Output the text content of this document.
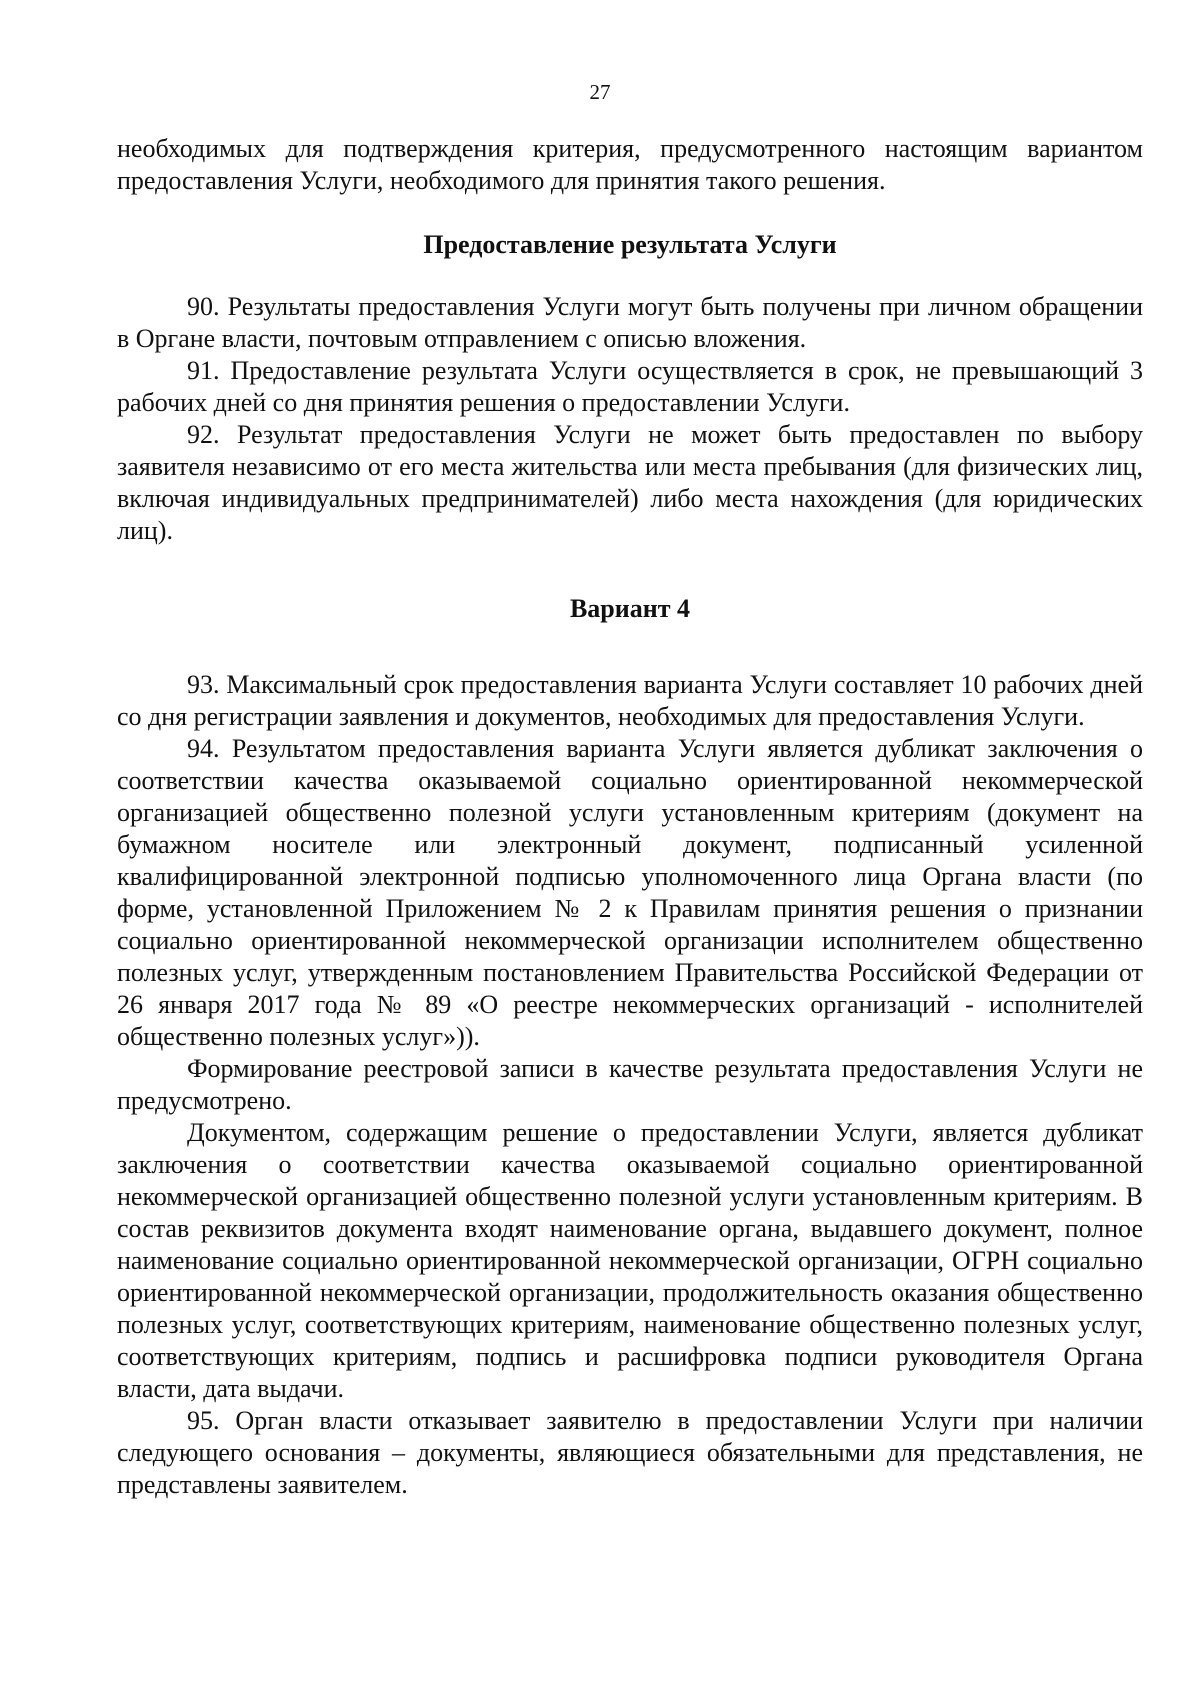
27

необходимых для подтверждения критерия, предусмотренного настоящим вариантом предоставления Услуги, необходимого для принятия такого решения.

Предоставление результата Услуги

90. Результаты предоставления Услуги могут быть получены при личном обращении в Органе власти, почтовым отправлением с описью вложения.

91. Предоставление результата Услуги осуществляется в срок, не превышающий 3 рабочих дней со дня принятия решения о предоставлении Услуги.

92. Результат предоставления Услуги не может быть предоставлен по выбору заявителя независимо от его места жительства или места пребывания (для физических лиц, включая индивидуальных предпринимателей) либо места нахождения (для юридических лиц).

Вариант 4

93. Максимальный срок предоставления варианта Услуги составляет 10 рабочих дней со дня регистрации заявления и документов, необходимых для предоставления Услуги.

94. Результатом предоставления варианта Услуги является дубликат заключения о соответствии качества оказываемой социально ориентированной некоммерческой организацией общественно полезной услуги установленным критериям (документ на бумажном носителе или электронный документ, подписанный усиленной квалифицированной электронной подписью уполномоченного лица Органа власти (по форме, установленной Приложением № 2 к Правилам принятия решения о признании социально ориентированной некоммерческой организации исполнителем общественно полезных услуг, утвержденным постановлением Правительства Российской Федерации от 26 января 2017 года № 89 «О реестре некоммерческих организаций - исполнителей общественно полезных услуг»)).

Формирование реестровой записи в качестве результата предоставления Услуги не предусмотрено.

Документом, содержащим решение о предоставлении Услуги, является дубликат заключения о соответствии качества оказываемой социально ориентированной некоммерческой организацией общественно полезной услуги установленным критериям. В состав реквизитов документа входят наименование органа, выдавшего документ, полное наименование социально ориентированной некоммерческой организации, ОГРН социально ориентированной некоммерческой организации, продолжительность оказания общественно полезных услуг, соответствующих критериям, наименование общественно полезных услуг, соответствующих критериям, подпись и расшифровка подписи руководителя Органа власти, дата выдачи.

95. Орган власти отказывает заявителю в предоставлении Услуги при наличии следующего основания – документы, являющиеся обязательными для представления, не представлены заявителем.
